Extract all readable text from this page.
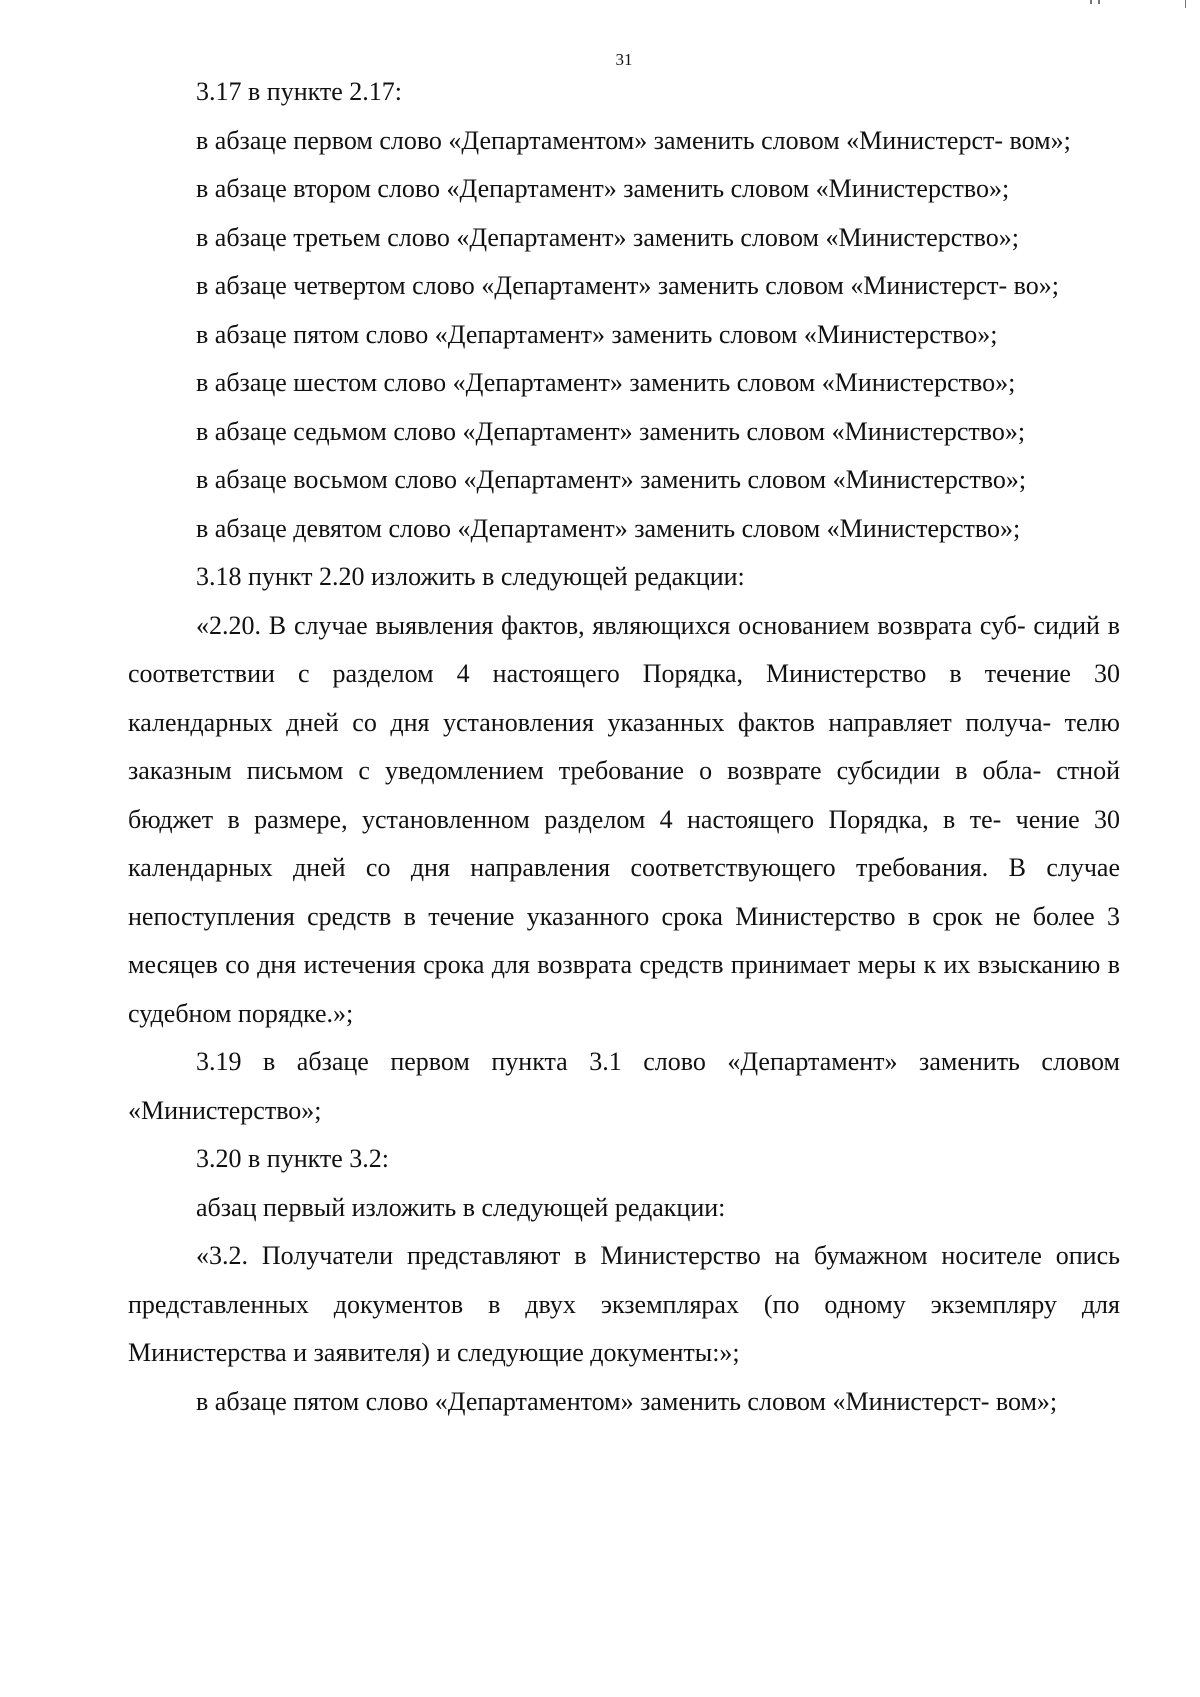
31

3.17 в пункте 2.17:

в абзаце первом слово «Департаментом» заменить словом «Министерст- вом»;

в абзаце втором слово «Департамент» заменить словом «Министерство»;

в абзаце третьем слово «Департамент» заменить словом «Министерство»;

в абзаце четвертом слово «Департамент» заменить словом «Министерст- во»;

в абзаце пятом слово «Департамент» заменить словом «Министерство»;

в абзаце шестом слово «Департамент» заменить словом «Министерство»;

в абзаце седьмом слово «Департамент» заменить словом «Министерство»;

в абзаце восьмом слово «Департамент» заменить словом «Министерство»;

в абзаце девятом слово «Департамент» заменить словом «Министерство»;

3.18 пункт 2.20 изложить в следующей редакции:

«2.20. В случае выявления фактов, являющихся основанием возврата суб- сидий в соответствии с разделом 4 настоящего Порядка, Министерство в течение 30 календарных дней со дня установления указанных фактов направляет получа- телю заказным письмом с уведомлением требование о возврате субсидии в обла- стной бюджет в размере, установленном разделом 4 настоящего Порядка, в те- чение 30 календарных дней со дня направления соответствующего требования. В случае непоступления средств в течение указанного срока Министерство в срок не более 3 месяцев со дня истечения срока для возврата средств принимает меры к их взысканию в судебном порядке.»;

3.19 в абзаце первом пункта 3.1 слово «Департамент» заменить словом «Министерство»;

3.20 в пункте 3.2:

абзац первый изложить в следующей редакции:

«3.2. Получатели представляют в Министерство на бумажном носителе опись представленных документов в двух экземплярах (по одному экземпляру для Министерства и заявителя) и следующие документы:»;

в абзаце пятом слово «Департаментом» заменить словом «Министерст- вом»;
